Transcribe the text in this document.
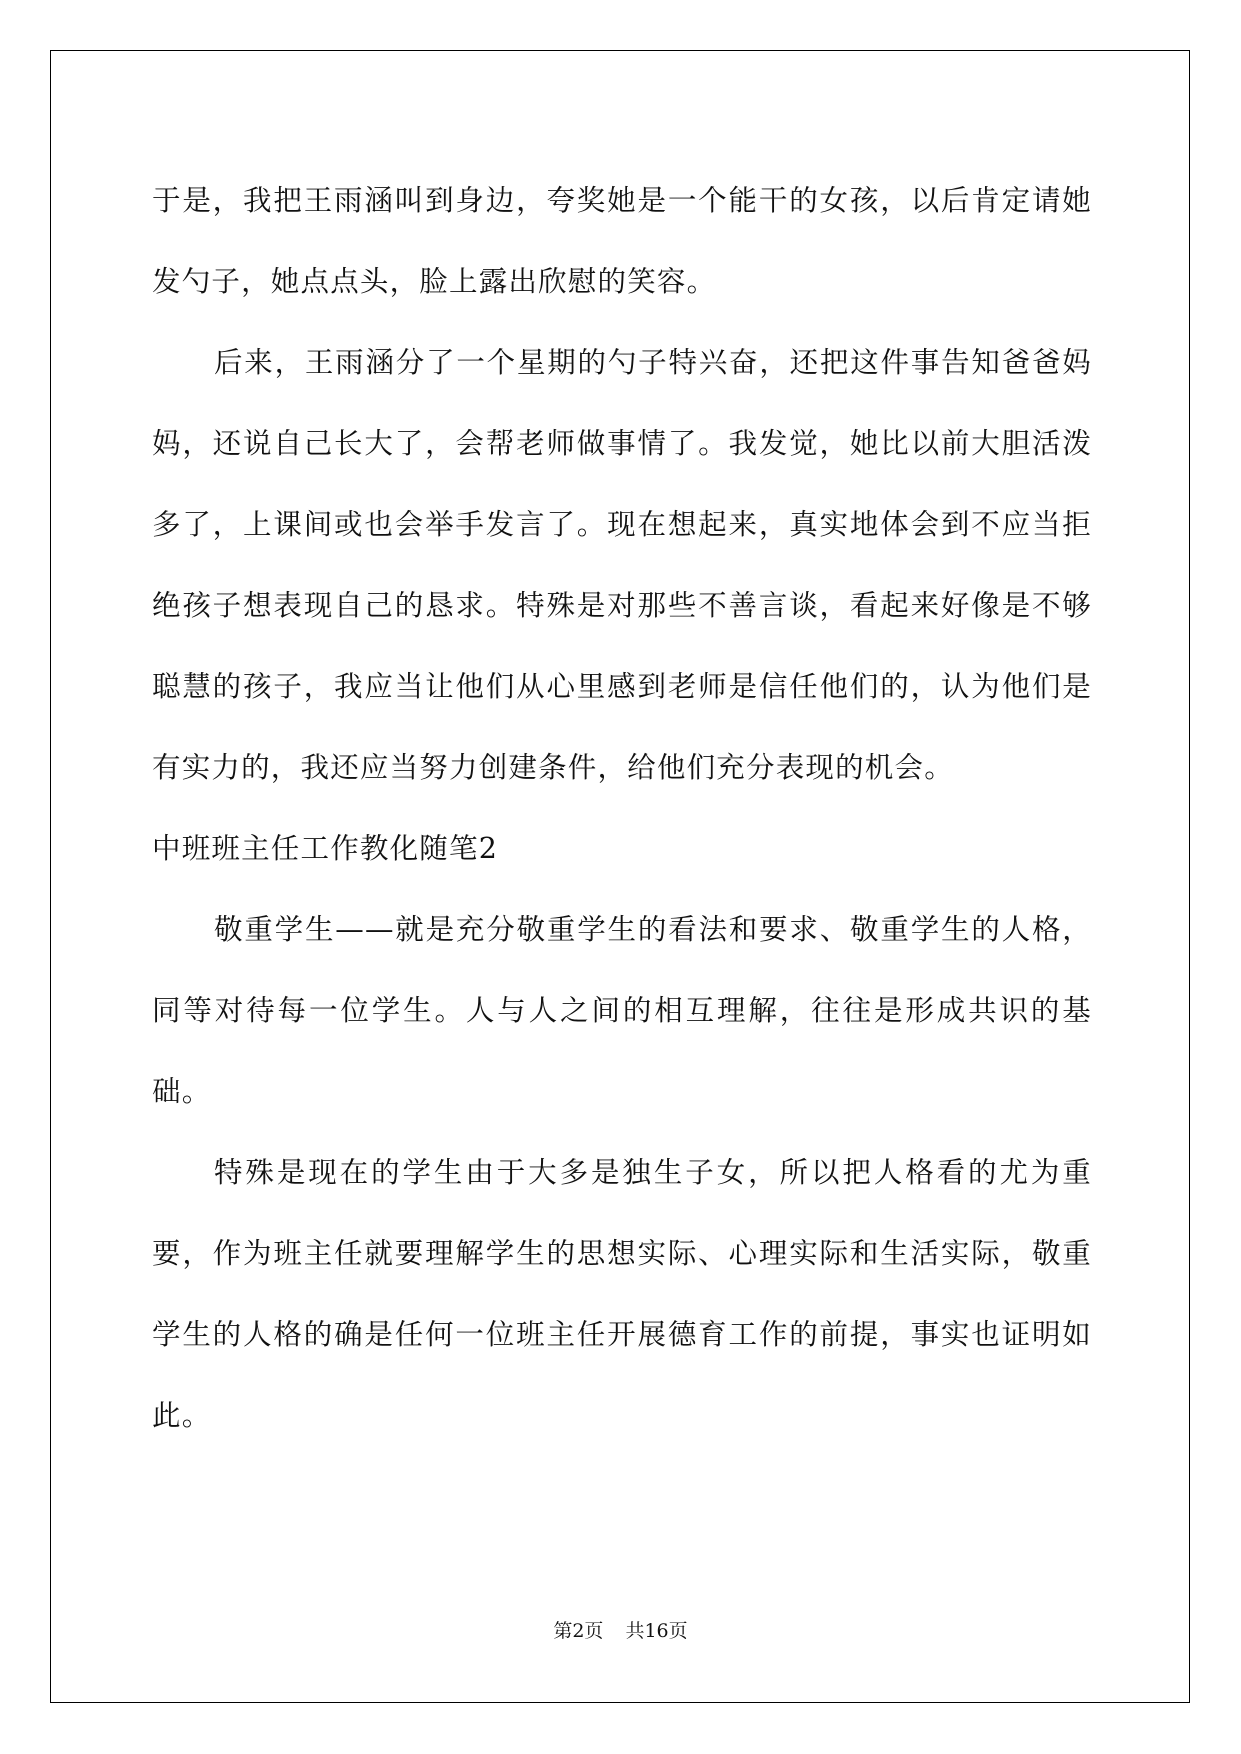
于是，我把王雨涵叫到身边，夸奖她是一个能干的女孩，以后肯定请她发勺子，她点点头，脸上露出欣慰的笑容。

后来，王雨涵分了一个星期的勺子特兴奋，还把这件事告知爸爸妈妈，还说自己长大了，会帮老师做事情了。我发觉，她比以前大胆活泼多了，上课间或也会举手发言了。现在想起来，真实地体会到不应当拒绝孩子想表现自己的恳求。特殊是对那些不善言谈，看起来好像是不够聪慧的孩子，我应当让他们从心里感到老师是信任他们的，认为他们是有实力的，我还应当努力创建条件，给他们充分表现的机会。

中班班主任工作教化随笔2

敬重学生——就是充分敬重学生的看法和要求、敬重学生的人格，同等对待每一位学生。人与人之间的相互理解，往往是形成共识的基础。

特殊是现在的学生由于大多是独生子女，所以把人格看的尤为重要，作为班主任就要理解学生的思想实际、心理实际和生活实际，敬重学生的人格的确是任何一位班主任开展德育工作的前提，事实也证明如此。

第2页 共16页
